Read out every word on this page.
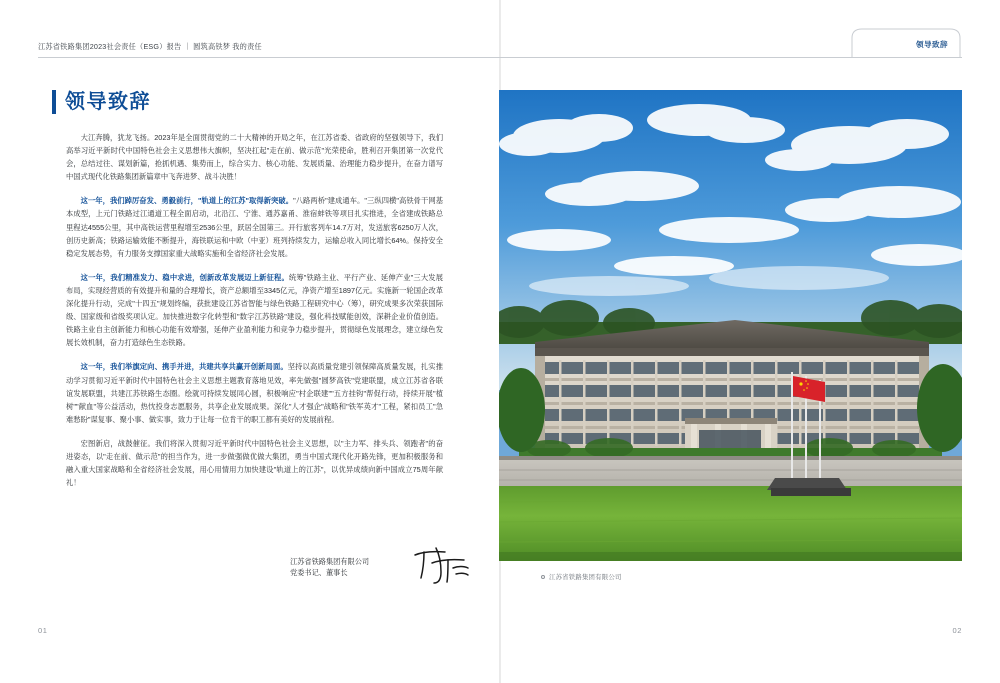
江苏省铁路集团2023社会责任（ESG）报告 ｜ 圆筑高铁梦 我的责任	领导致辞
领导致辞

大江奔腾，犹龙飞扬。2023年是全面贯彻党的二十大精神的开局之年，在江苏省委、省政府的坚强领导下，我们高举习近平新时代中国特色社会主义思想伟大旗帜，坚决扛起"走在前、做示范"光荣使命，胜利召开集团第一次党代会，总结过往、谋划新篇，抢抓机遇、集势而上，综合实力、核心功能、发展质量、治理能力稳步提升，在奋力谱写中国式现代化铁路集团新篇章中飞奔进梦、战斗决胜！

这一年，我们踔厉奋发、勇毅前行，"轨道上的江苏"取得新突破。"八路两桥"建成通车。"三纵四横"高铁骨干网基本成型，上元门铁路过江通道工程全面启动，北沿江、宁淮、通苏嘉甬、淮宿蚌铁等项目扎实推进，全省建成铁路总里程达4555公里，其中高铁运营里程增至2536公里，跃居全国第三。开行旅客列车14.7万对，发送旅客6250万人次，创历史新高；铁路运输效能不断提升，海铁联运和中欧（中亚）班列持续发力，运输总收入同比增长64%。保持安全稳定发展态势，有力服务支撑国家重大战略实施和全省经济社会发展。

这一年，我们精准发力、稳中求进，创新改革发展迈上新征程。统筹"铁路主业、平行产业、延伸产业"三大发展布局，实现经营质的有效提升和量的合理增长，资产总额增至3345亿元，净资产增至1897亿元。实施新一轮国企改革深化提升行动，完成"十四五"规划终编，获批建设江苏省智能与绿色铁路工程研究中心（筹），研究成果多次荣获国际级、国家级和省级奖项认定。加快推进数字化转型和"数字江苏铁路"建设，强化科技赋能创效，深耕企业价值创造。铁路主业自主创新能力和核心功能有效增强，延伸产业盈利能力和竞争力稳步提升，贯彻绿色发展理念，建立绿色发展长效机制，奋力打造绿色生态铁路。

这一年，我们举旗定向、携手并进，共建共享共赢开创新局面。坚持以高质量党建引领保障高质量发展，扎实推动学习贯彻习近平新时代中国特色社会主义思想主题教育落地见效，率先做强"圆梦高铁"党建联盟，成立江苏省各联谊发展联盟，共建江苏铁路生态圈。绘就可持续发展同心圆，积极响应"村企联建""五方挂钩"帮促行动，持续开展"植树""献血"等公益活动，热忱投身志愿服务，共享企业发展成果。深化"人才强企"战略和"铁军英才"工程，紧扣员工"急难愁盼"谋复事、聚小事、做实事，致力于让每一位肯干的职工都有美好的发展前程。

宏图新启，战鼓催征。我们将深入贯彻习近平新时代中国特色社会主义思想，以"主力军、排头兵、领跑者"的奋进姿态，以"走在前、做示范"的担当作为，进一步做强做优做大集团，勇当中国式现代化开路先锋，更加积极服务和融入重大国家战略和全省经济社会发展，用心用情用力加快建设"轨道上的江苏"，以优异成绩向新中国成立75周年献礼！

江苏省铁路集团有限公司
党委书记、董事长
01	02
江苏省铁路集团有限公司
